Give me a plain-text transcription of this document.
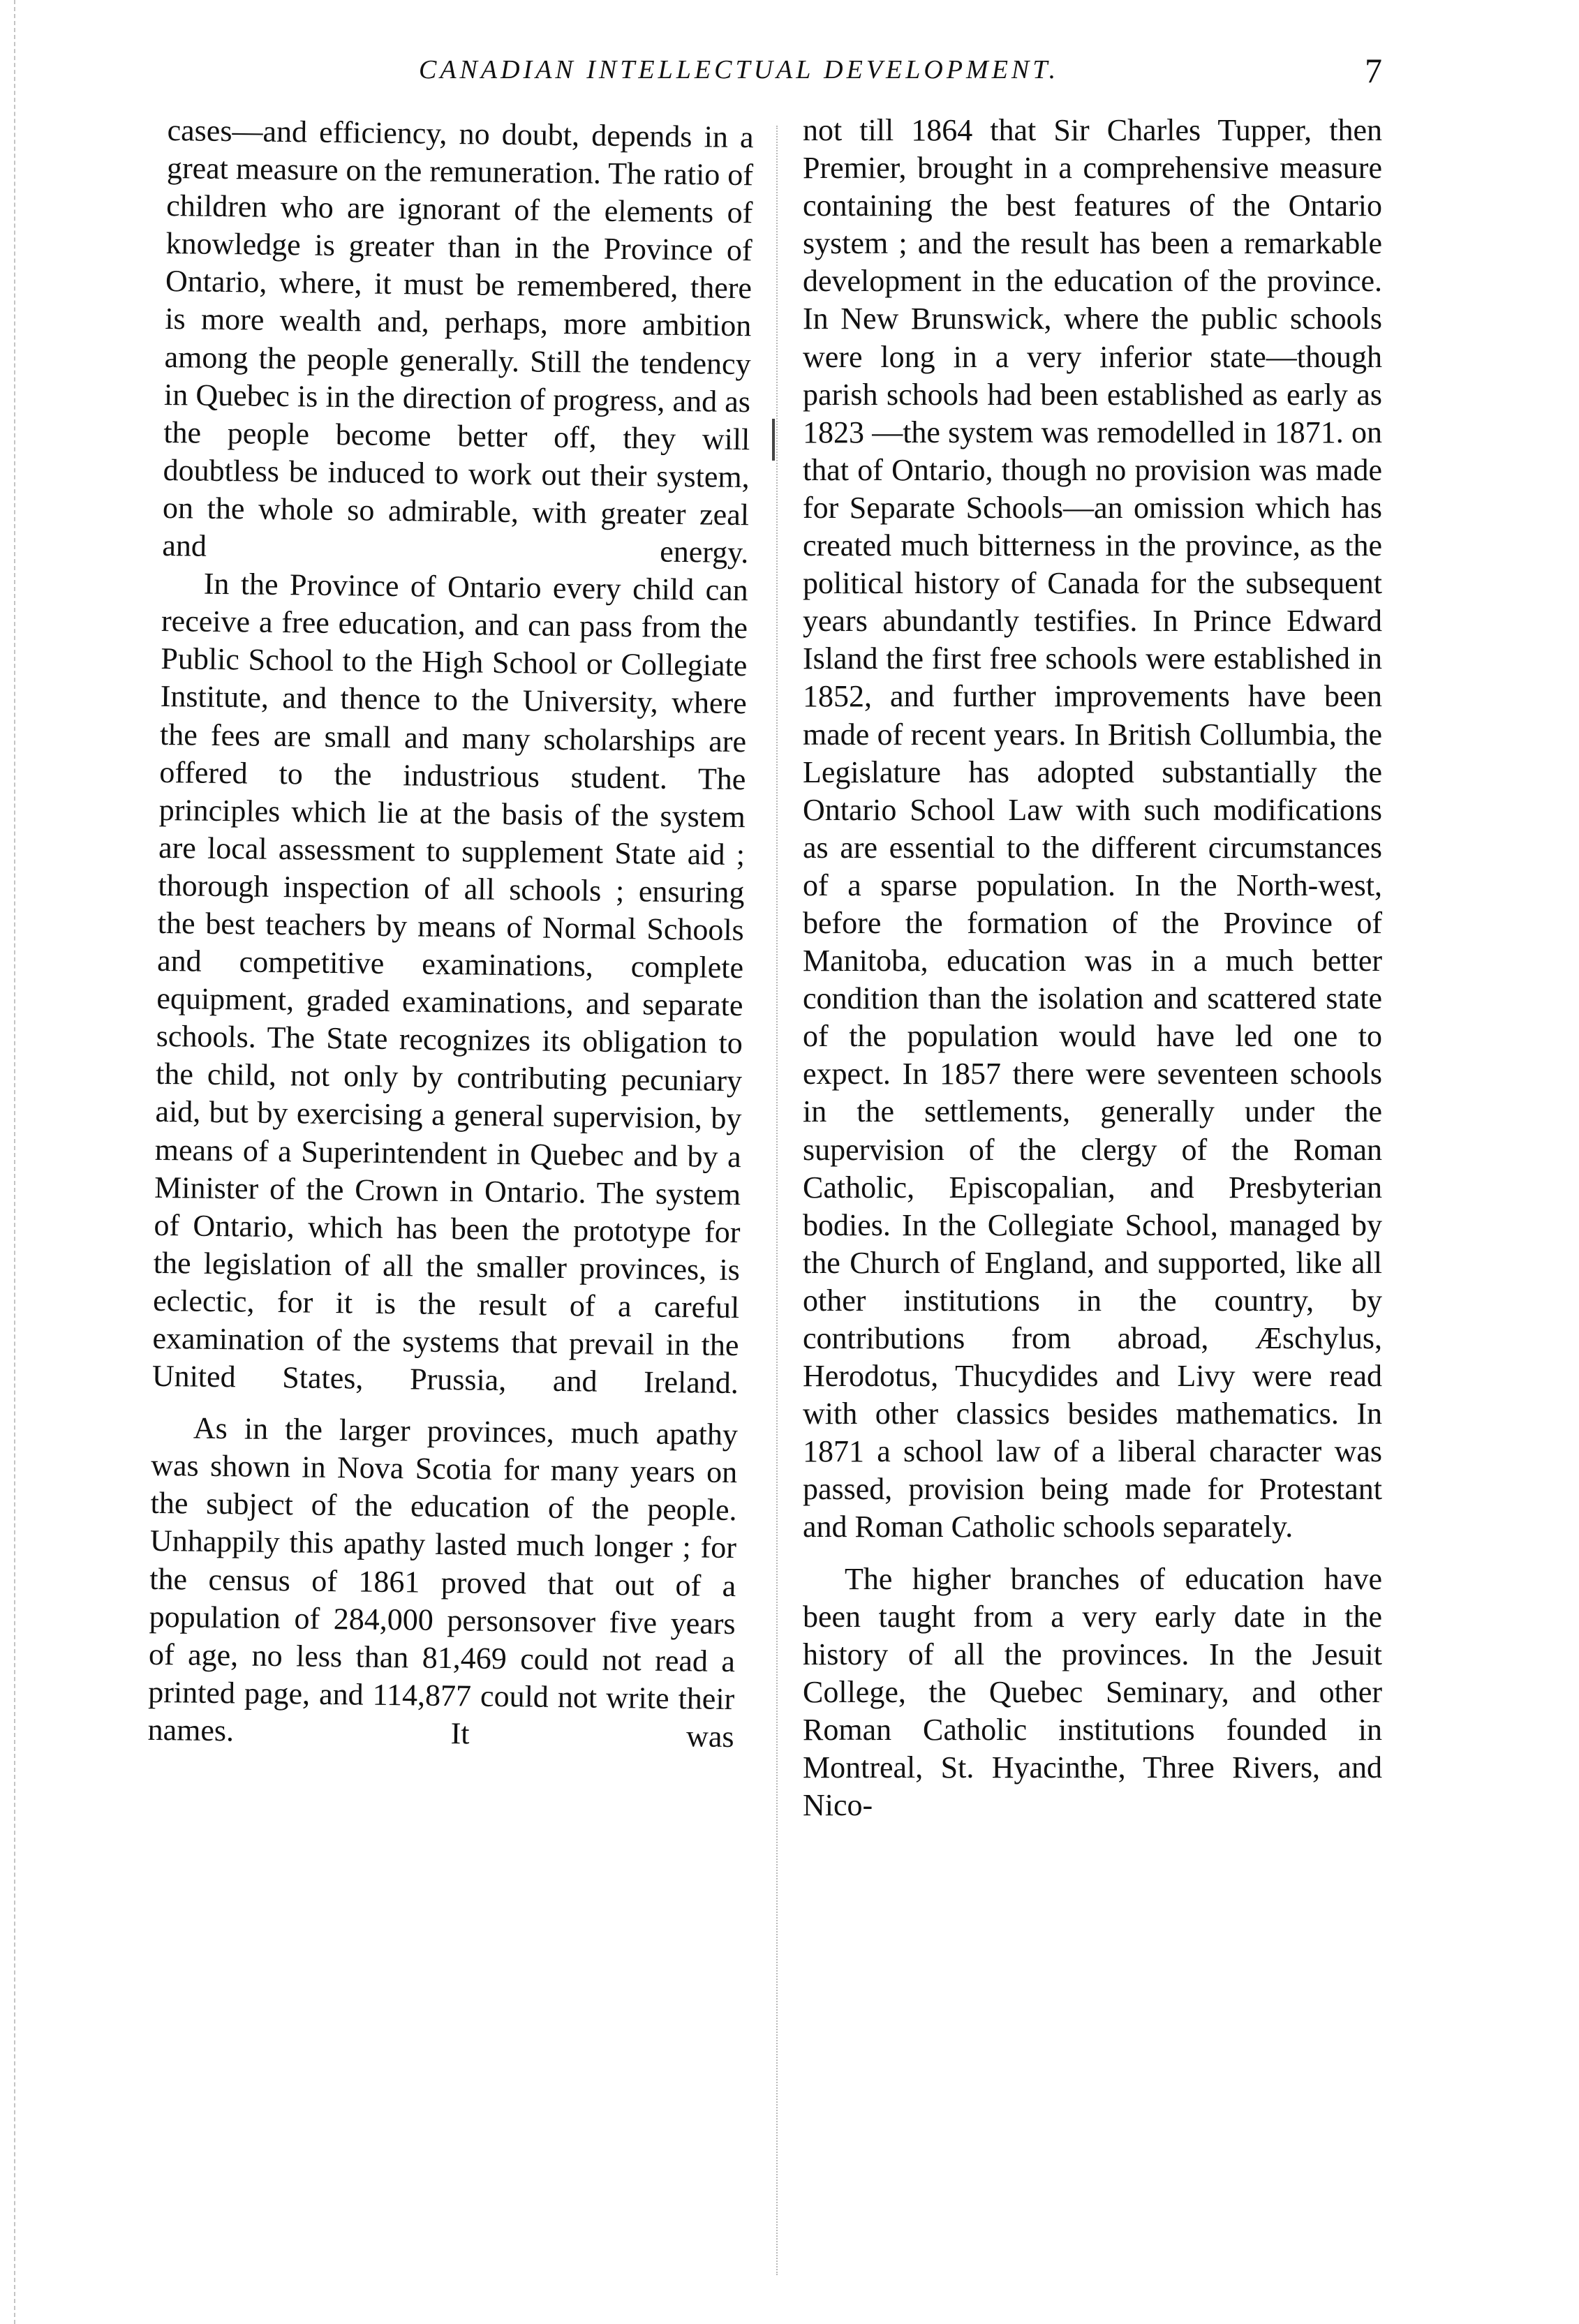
CANADIAN INTELLECTUAL DEVELOPMENT.	7

cases—and efficiency, no doubt, depends in a great measure on the remuneration. The ratio of children who are ignorant of the elements of knowledge is greater than in the Province of Ontario, where, it must be remembered, there is more wealth and, perhaps, more ambition among the people generally. Still the tendency in Quebec is in the direction of progress, and as the people become better off, they will doubtless be induced to work out their system, on the whole so admirable, with greater zeal and energy.

In the Province of Ontario every child can receive a free education, and can pass from the Public School to the High School or Collegiate Institute, and thence to the University, where the fees are small and many scholarships are offered to the industrious student. The principles which lie at the basis of the system are local assessment to supplement State aid ; thorough inspection of all schools ; ensuring the best teachers by means of Normal Schools and competitive examinations, complete equipment, graded examinations, and separate schools. The State recognizes its obligation to the child, not only by contributing pecuniary aid, but by exercising a general supervision, by means of a Superintendent in Quebec and by a Minister of the Crown in Ontario. The system of Ontario, which has been the prototype for the legislation of all the smaller provinces, is eclectic, for it is the result of a careful examination of the systems that prevail in the United States, Prussia, and Ireland.

As in the larger provinces, much apathy was shown in Nova Scotia for many years on the subject of the education of the people. Unhappily this apathy lasted much longer ; for the census of 1861 proved that out of a population of 284,000 personsover five years of age, no less than 81,469 could not read a printed page, and 114,877 could not write their names. It was

not till 1864 that Sir Charles Tupper, then Premier, brought in a comprehensive measure containing the best features of the Ontario system ; and the result has been a remarkable development in the education of the province. In New Brunswick, where the public schools were long in a very inferior state—though parish schools had been established as early as 1823 —the system was remodelled in 1871. on that of Ontario, though no provision was made for Separate Schools—an omission which has created much bitterness in the province, as the political history of Canada for the subsequent years abundantly testifies. In Prince Edward Island the first free schools were established in 1852, and further improvements have been made of recent years. In British Collumbia, the Legislature has adopted substantially the Ontario School Law with such modifications as are essential to the different circumstances of a sparse population. In the North-west, before the formation of the Province of Manitoba, education was in a much better condition than the isolation and scattered state of the population would have led one to expect. In 1857 there were seventeen schools in the settlements, generally under the supervision of the clergy of the Roman Catholic, Episcopalian, and Presbyterian bodies. In the Collegiate School, managed by the Church of England, and supported, like all other institutions in the country, by contributions from abroad, Æschylus, Herodotus, Thucydides and Livy were read with other classics besides mathematics. In 1871 a school law of a liberal character was passed, provision being made for Protestant and Roman Catholic schools separately.

The higher branches of education have been taught from a very early date in the history of all the provinces. In the Jesuit College, the Quebec Seminary, and other Roman Catholic institutions founded in Montreal, St. Hyacinthe, Three Rivers, and Nico-
